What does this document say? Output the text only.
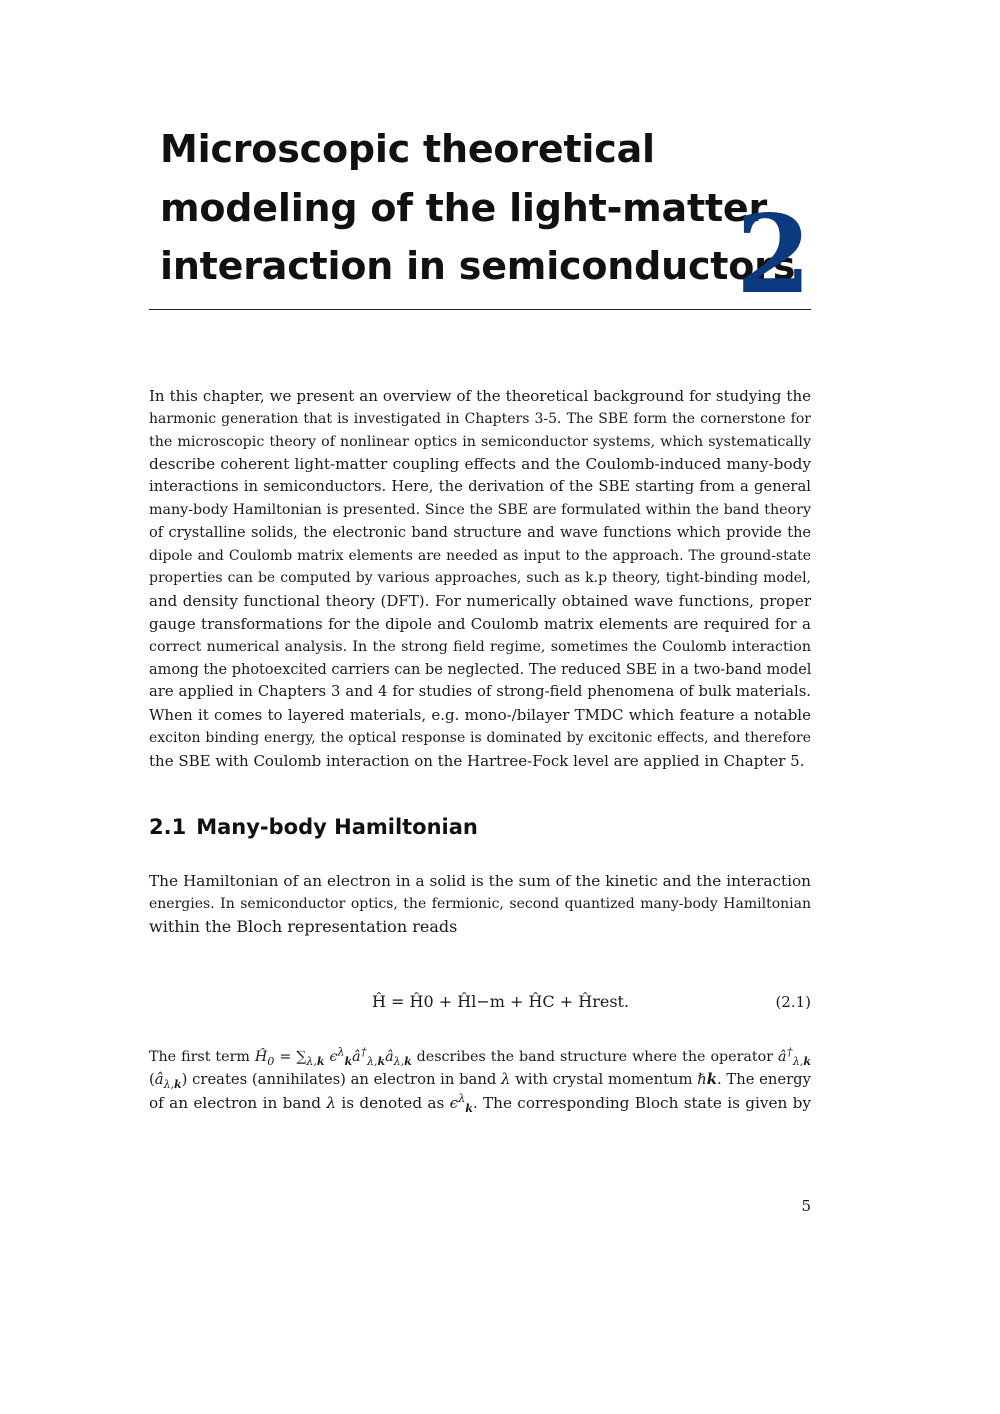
Microscopic theoretical
modeling of the light-matter
interaction in semiconductors
2
In this chapter, we present an overview of the theoretical background for studying the
harmonic generation that is investigated in Chapters 3-5. The SBE form the cornerstone for
the microscopic theory of nonlinear optics in semiconductor systems, which systematically
describe coherent light-matter coupling effects and the Coulomb-induced many-body
interactions in semiconductors. Here, the derivation of the SBE starting from a general
many-body Hamiltonian is presented. Since the SBE are formulated within the band theory
of crystalline solids, the electronic band structure and wave functions which provide the
dipole and Coulomb matrix elements are needed as input to the approach. The ground-state
properties can be computed by various approaches, such as k.p theory, tight-binding model,
and density functional theory (DFT). For numerically obtained wave functions, proper
gauge transformations for the dipole and Coulomb matrix elements are required for a
correct numerical analysis. In the strong field regime, sometimes the Coulomb interaction
among the photoexcited carriers can be neglected. The reduced SBE in a two-band model
are applied in Chapters 3 and 4 for studies of strong-field phenomena of bulk materials.
When it comes to layered materials, e.g. mono-/bilayer TMDC which feature a notable
exciton binding energy, the optical response is dominated by excitonic effects, and therefore
the SBE with Coulomb interaction on the Hartree-Fock level are applied in Chapter 5.
2.1 Many-body Hamiltonian
The Hamiltonian of an electron in a solid is the sum of the kinetic and the interaction
energies. In semiconductor optics, the fermionic, second quantized many-body Hamiltonian
within the Bloch representation reads
Ĥ = Ĥ0 + Ĥl−m + ĤC + Ĥrest.	(2.1)
The first term $Ĥ_0 = \sum_{\lambda,k}$ $\epsilon^\lambda_kâ^\dagger_{\lambda,k}â_{\lambda,k}$ describes the band structure where the operator $â^\dagger_{\lambda,k}$
$(â_{\lambda,k})$ creates (annihilates) an electron in band λ with crystal momentum ℏk. The energy
of an electron in band λ is denoted as $\epsilon^\lambda_k$. The corresponding Bloch state is given by
5
